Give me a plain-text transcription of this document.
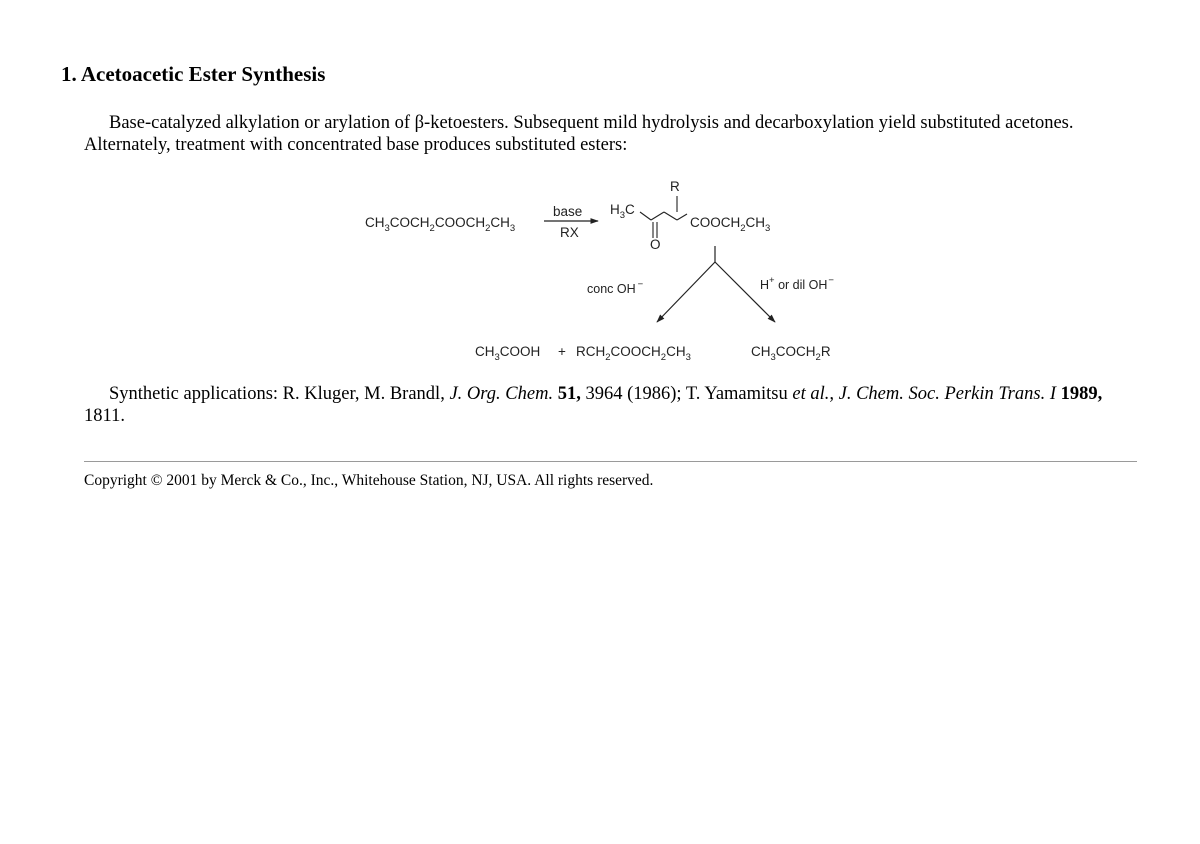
1. Acetoacetic Ester Synthesis

Base-catalyzed alkylation or arylation of β-ketoesters. Subsequent mild hydrolysis and decarboxylation yield substituted acetones. Alternately, treatment with concentrated base produces substituted esters:

$CH_3COCH_2COOCH_2CH_3$
base
RX
$H_3C$
R
O
$COOCH_2CH_3$
conc OH −	H+ or dil OH−
$CH_3COOH$ + $RCH_2COOCH_2CH_3$	$CH_3COCH_2R$

Synthetic applications: R. Kluger, M. Brandl, J. Org. Chem. 51, 3964 (1986); T. Yamamitsu et al., J. Chem. Soc. Perkin Trans. I 1989, 1811.

Copyright © 2001 by Merck & Co., Inc., Whitehouse Station, NJ, USA. All rights reserved.
